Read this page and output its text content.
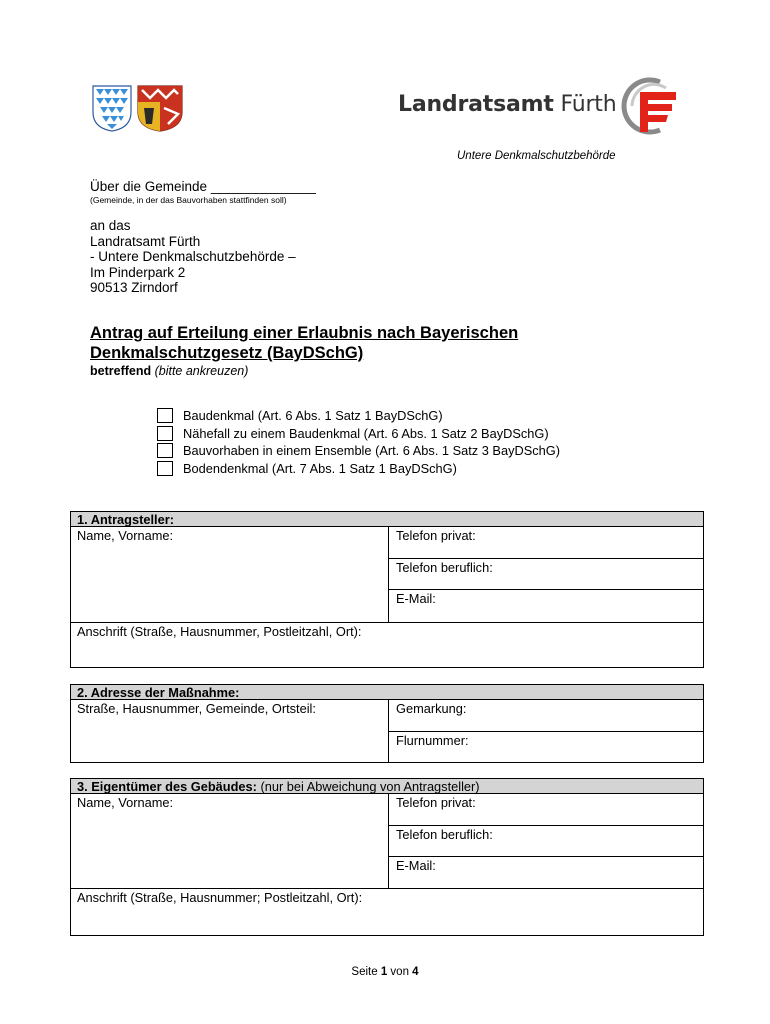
Landratsamt Fürth
Untere Denkmalschutzbehörde
Über die Gemeinde ______________
(Gemeinde, in der das Bauvorhaben stattfinden soll)
an das
Landratsamt Fürth
- Untere Denkmalschutzbehörde –
Im Pinderpark 2
90513 Zirndorf
Antrag auf Erteilung einer Erlaubnis nach Bayerischen Denkmalschutzgesetz (BayDSchG)
betreffend (bitte ankreuzen)
Baudenkmal (Art. 6 Abs. 1 Satz 1 BayDSchG)
Nähefall zu einem Baudenkmal (Art. 6 Abs. 1 Satz 2 BayDSchG)
Bauvorhaben in einem Ensemble (Art. 6 Abs. 1 Satz 3 BayDSchG)
Bodendenkmal (Art. 7 Abs. 1 Satz 1 BayDSchG)
1. Antragsteller:
Name, Vorname:	Telefon privat:
Telefon beruflich:
E-Mail:
Anschrift (Straße, Hausnummer, Postleitzahl, Ort):
2. Adresse der Maßnahme:
Straße, Hausnummer, Gemeinde, Ortsteil:	Gemarkung:
Flurnummer:
3. Eigentümer des Gebäudes: (nur bei Abweichung von Antragsteller)
Name, Vorname:	Telefon privat:
Telefon beruflich:
E-Mail:
Anschrift (Straße, Hausnummer; Postleitzahl, Ort):
Seite 1 von 4
